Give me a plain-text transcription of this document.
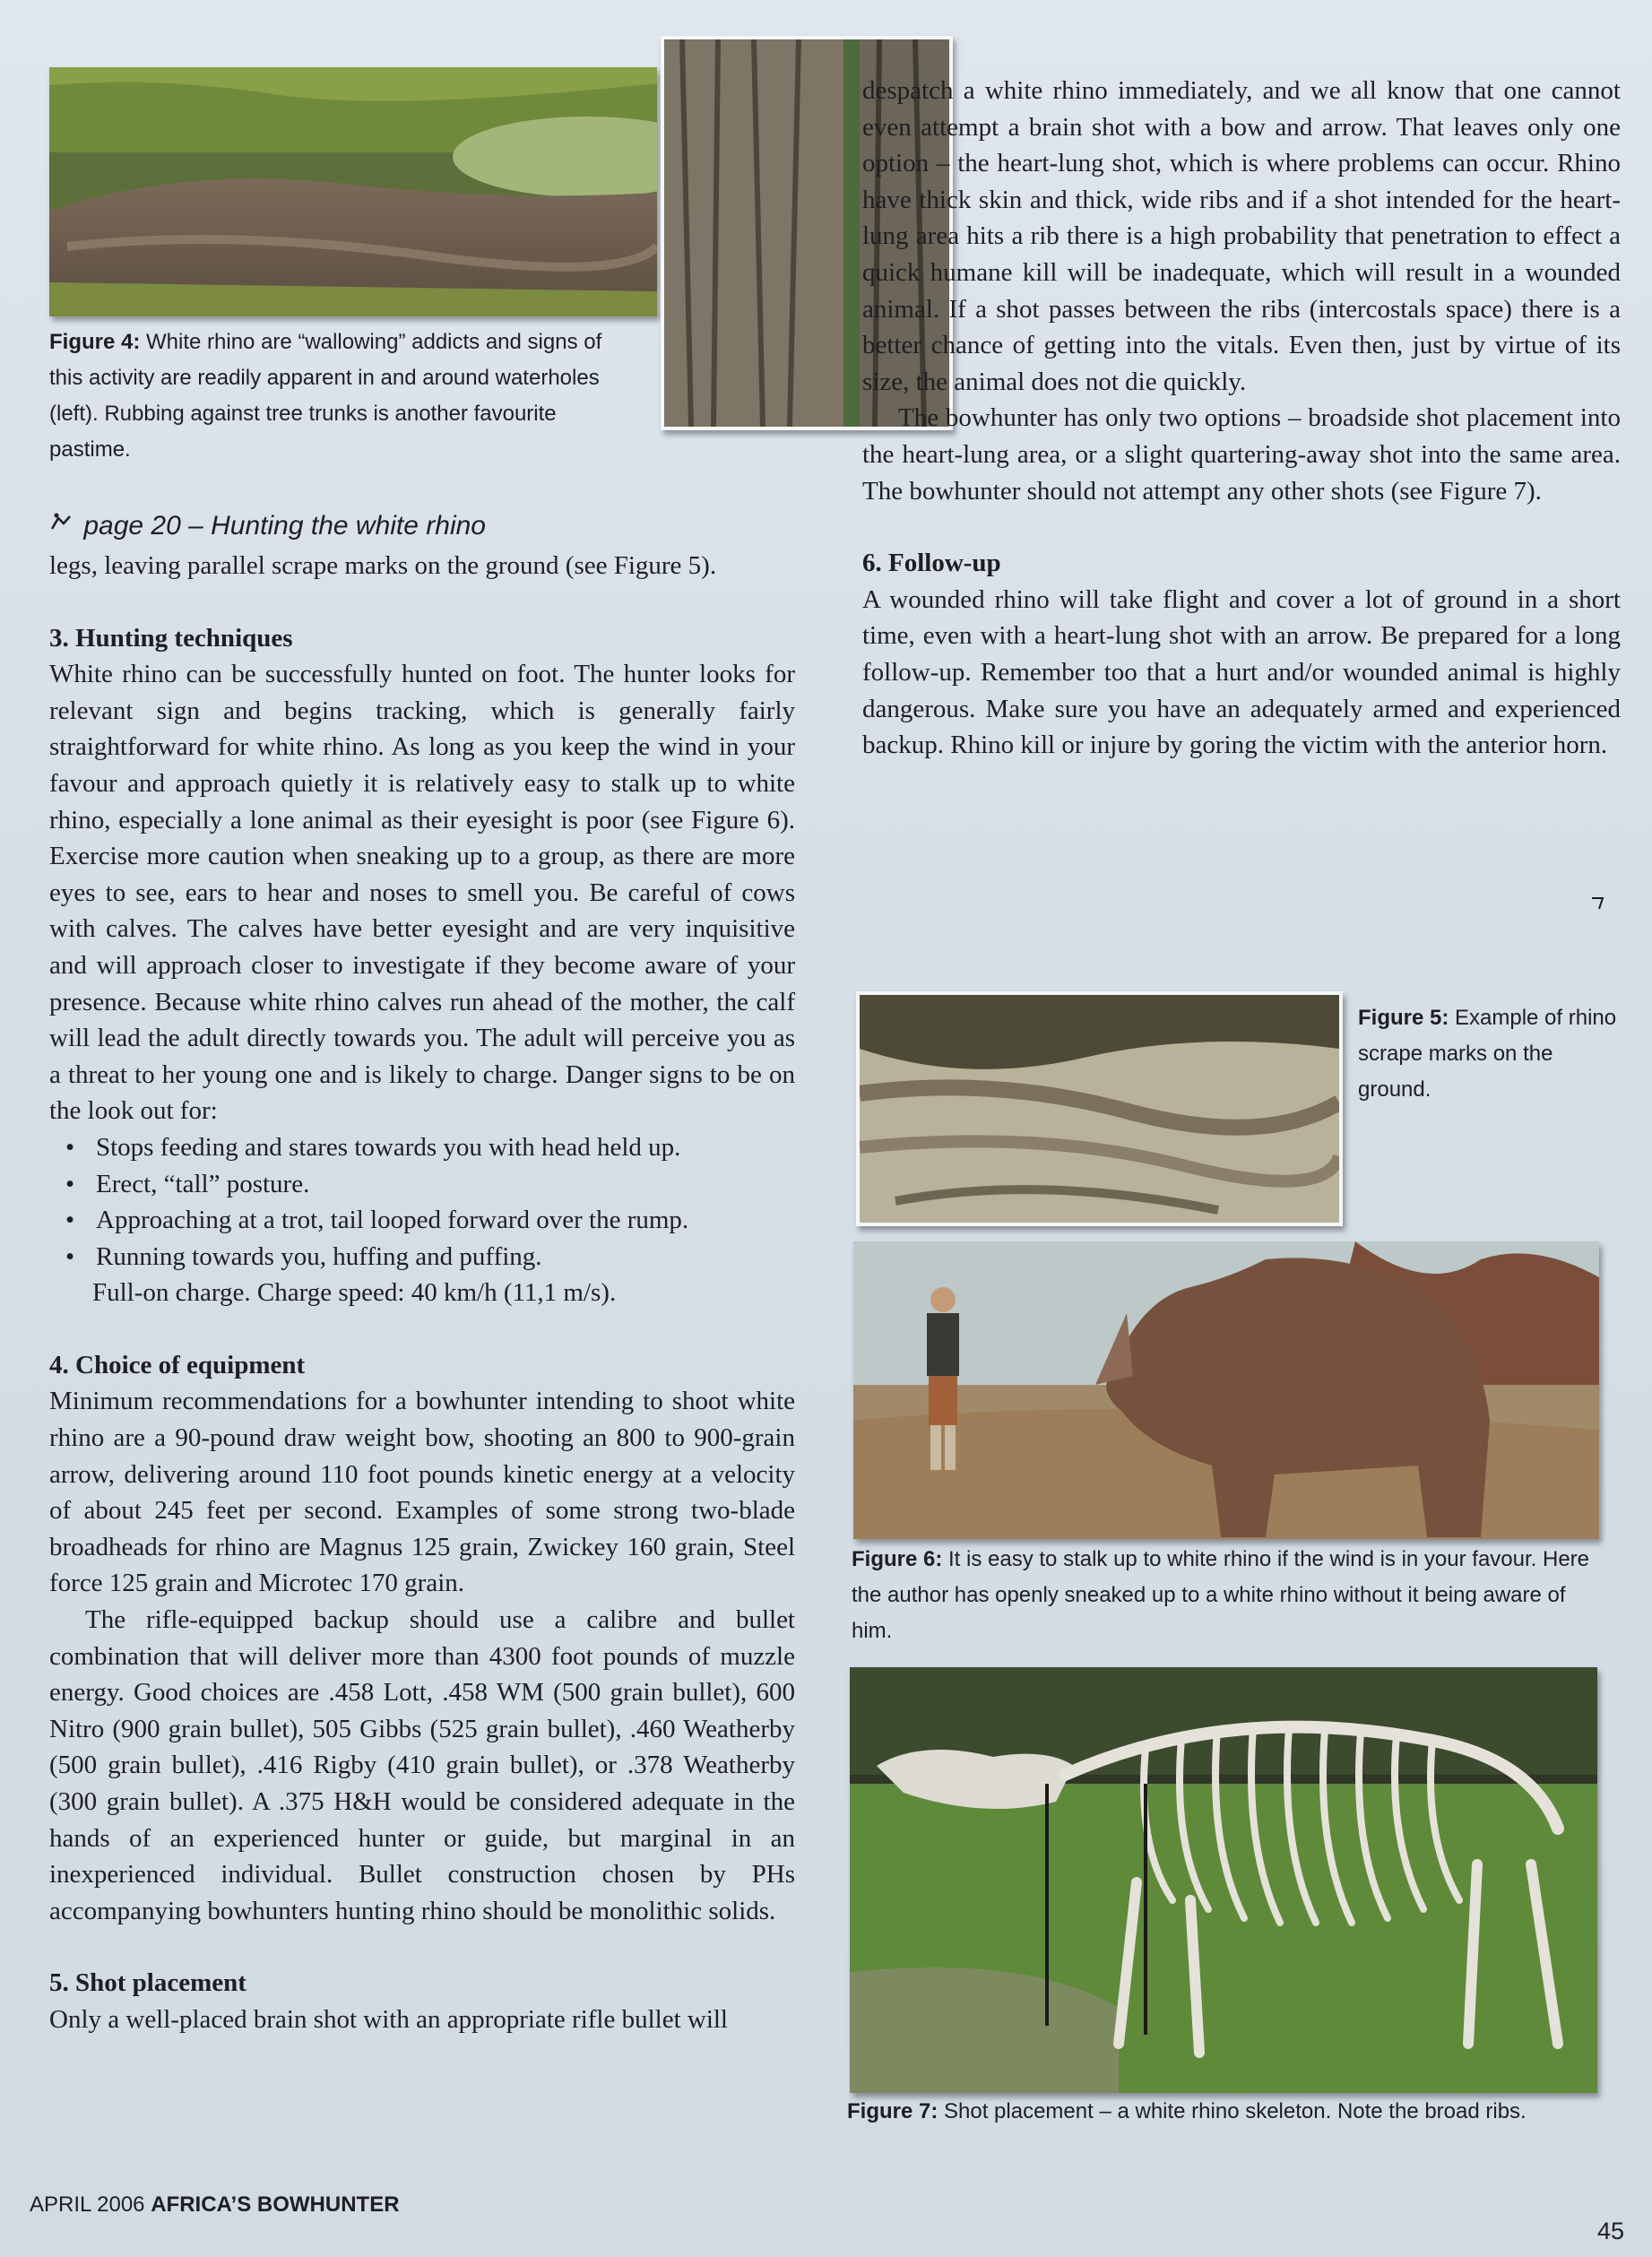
Figure 4: White rhino are “wallowing” addicts and signs of this activity are readily apparent in and around waterholes (left). Rubbing against tree trunks is another favourite pastime.
page 20 – Hunting the white rhino

legs, leaving parallel scrape marks on the ground (see Figure 5).

3. Hunting techniques

White rhino can be successfully hunted on foot. The hunter looks for relevant sign and begins tracking, which is generally fairly straightforward for white rhino. As long as you keep the wind in your favour and approach quietly it is relatively easy to stalk up to white rhino, especially a lone animal as their eyesight is poor (see Figure 6). Exercise more caution when sneaking up to a group, as there are more eyes to see, ears to hear and noses to smell you. Be careful of cows with calves. The calves have better eyesight and are very inquisitive and will approach closer to investigate if they become aware of your presence. Because white rhino calves run ahead of the mother, the calf will lead the adult directly towards you. The adult will perceive you as a threat to her young one and is likely to charge. Danger signs to be on the look out for:

• Stops feeding and stares towards you with head held up.
• Erect, “tall” posture.
• Approaching at a trot, tail looped forward over the rump.
• Running towards you, huffing and puffing.
Full-on charge. Charge speed: 40 km/h (11,1 m/s).

4. Choice of equipment

Minimum recommendations for a bowhunter intending to shoot white rhino are a 90-pound draw weight bow, shooting an 800 to 900-grain arrow, delivering around 110 foot pounds kinetic energy at a velocity of about 245 feet per second. Examples of some strong two-blade broadheads for rhino are Magnus 125 grain, Zwickey 160 grain, Steel force 125 grain and Microtec 170 grain.

The rifle-equipped backup should use a calibre and bullet combination that will deliver more than 4300 foot pounds of muzzle energy. Good choices are .458 Lott, .458 WM (500 grain bullet), 600 Nitro (900 grain bullet), 505 Gibbs (525 grain bullet), .460 Weatherby (500 grain bullet), .416 Rigby (410 grain bullet), or .378 Weatherby (300 grain bullet). A .375 H&H would be considered adequate in the hands of an experienced hunter or guide, but marginal in an inexperienced individual. Bullet construction chosen by PHs accompanying bowhunters hunting rhino should be monolithic solids.

5. Shot placement

Only a well-placed brain shot with an appropriate rifle bullet will

despatch a white rhino immediately, and we all know that one cannot even attempt a brain shot with a bow and arrow. That leaves only one option – the heart-lung shot, which is where problems can occur. Rhino have thick skin and thick, wide ribs and if a shot intended for the heart-lung area hits a rib there is a high probability that penetration to effect a quick humane kill will be inadequate, which will result in a wounded animal. If a shot passes between the ribs (intercostals space) there is a better chance of getting into the vitals. Even then, just by virtue of its size, the animal does not die quickly.

The bowhunter has only two options – broadside shot placement into the heart-lung area, or a slight quartering-away shot into the same area. The bowhunter should not attempt any other shots (see Figure 7).

6. Follow-up

A wounded rhino will take flight and cover a lot of ground in a short time, even with a heart-lung shot with an arrow. Be prepared for a long follow-up. Remember too that a hurt and/or wounded animal is highly dangerous. Make sure you have an adequately armed and experienced backup. Rhino kill or injure by goring the victim with the anterior horn.

Figure 5: Example of rhino scrape marks on the ground.
Figure 6: It is easy to stalk up to white rhino if the wind is in your favour. Here the author has openly sneaked up to a white rhino without it being aware of him.
Figure 7: Shot placement – a white rhino skeleton. Note the broad ribs.
APRIL 2006 AFRICA’S BOWHUNTER
45
